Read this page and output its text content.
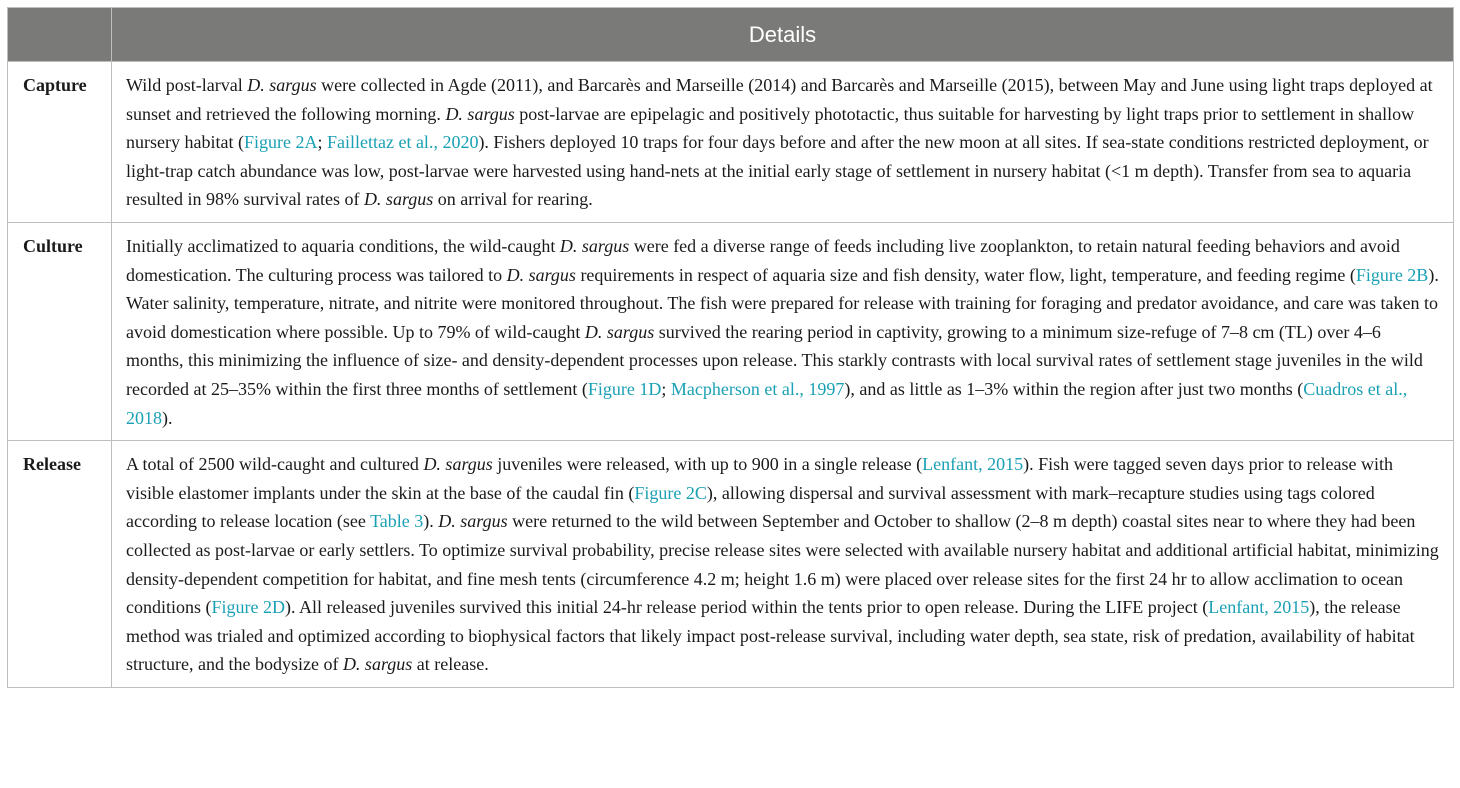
	Details
Capture	Wild post-larval D. sargus were collected in Agde (2011), and Barcarès and Marseille (2014) and Barcarès and Marseille (2015), between May and June using light traps deployed at sunset and retrieved the following morning. D. sargus post-larvae are epipelagic and positively phototactic, thus suitable for harvesting by light traps prior to settlement in shallow nursery habitat (Figure 2A; Faillettaz et al., 2020). Fishers deployed 10 traps for four days before and after the new moon at all sites. If sea-state conditions restricted deployment, or light-trap catch abundance was low, post-larvae were harvested using hand-nets at the initial early stage of settlement in nursery habitat (<1 m depth). Transfer from sea to aquaria resulted in 98% survival rates of D. sargus on arrival for rearing.

Culture	Initially acclimatized to aquaria conditions, the wild-caught D. sargus were fed a diverse range of feeds including live zooplankton, to retain natural feeding behaviors and avoid domestication. The culturing process was tailored to D. sargus requirements in respect of aquaria size and fish density, water flow, light, temperature, and feeding regime (Figure 2B). Water salinity, temperature, nitrate, and nitrite were monitored throughout. The fish were prepared for release with training for foraging and predator avoidance, and care was taken to avoid domestication where possible. Up to 79% of wild-caught D. sargus survived the rearing period in captivity, growing to a minimum size-refuge of 7–8 cm (TL) over 4–6 months, this minimizing the influence of size- and density-dependent processes upon release. This starkly contrasts with local survival rates of settlement stage juveniles in the wild recorded at 25–35% within the first three months of settlement (Figure 1D; Macpherson et al., 1997), and as little as 1–3% within the region after just two months (Cuadros et al., 2018).

Release	A total of 2500 wild-caught and cultured D. sargus juveniles were released, with up to 900 in a single release (Lenfant, 2015). Fish were tagged seven days prior to release with visible elastomer implants under the skin at the base of the caudal fin (Figure 2C), allowing dispersal and survival assessment with mark–recapture studies using tags colored according to release location (see Table 3). D. sargus were returned to the wild between September and October to shallow (2–8 m depth) coastal sites near to where they had been collected as post-larvae or early settlers. To optimize survival probability, precise release sites were selected with available nursery habitat and additional artificial habitat, minimizing density-dependent competition for habitat, and fine mesh tents (circumference 4.2 m; height 1.6 m) were placed over release sites for the first 24 hr to allow acclimation to ocean conditions (Figure 2D). All released juveniles survived this initial 24-hr release period within the tents prior to open release. During the LIFE project (Lenfant, 2015), the release method was trialed and optimized according to biophysical factors that likely impact post-release survival, including water depth, sea state, risk of predation, availability of habitat structure, and the bodysize of D. sargus at release.
